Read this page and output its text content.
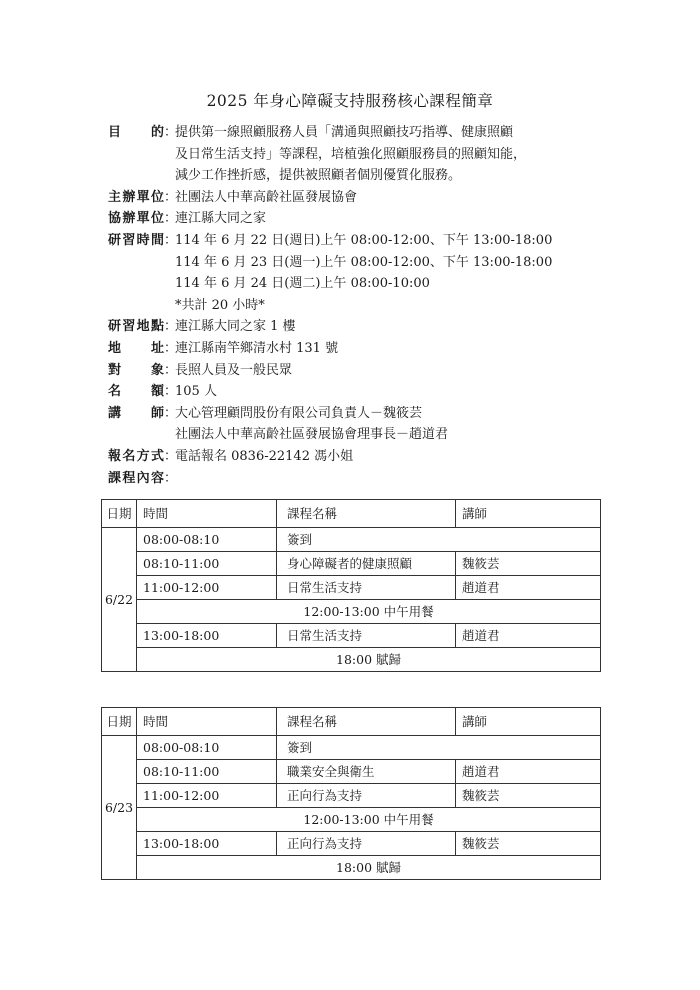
2025 年身心障礙支持服務核心課程簡章
目 的 ：
提供第一線照顧服務人員「溝通與照顧技巧指導、健康照顧
及日常生活支持」等課程，培植強化照顧服務員的照顧知能，
減少工作挫折感，提供被照顧者個別優質化服務。
主 辦 單 位 ：
社團法人中華高齡社區發展協會
協 辦 單 位 ：
連江縣大同之家
研 習 時 間 ：
114 年 6 月 22 日(週日)上午 08:00-12:00、下午 13:00-18:00
114 年 6 月 23 日(週一)上午 08:00-12:00、下午 13:00-18:00
114 年 6 月 24 日(週二)上午 08:00-10:00
*共計 20 小時*
研 習 地 點 ：
連江縣大同之家 1 樓
地 址 ：
連江縣南竿鄉清水村 131 號
對 象 ：
長照人員及一般民眾
名 額 ：
105 人
講 師 ：
大心管理顧問股份有限公司負責人－魏筱芸
社團法人中華高齡社區發展協會理事長－趙道君
報 名 方 式 ：
電話報名 0836-22142 馮小姐
課 程 內 容 ：
日期	時間	課程名稱	講師
6/22	08:00-08:10	簽到	
	08:10-11:00	身心障礙者的健康照顧	魏筱芸
	11:00-12:00	日常生活支持	趙道君
	12:00-13:00 中午用餐		
	13:00-18:00	日常生活支持	趙道君
	18:00 賦歸		
日期	時間	課程名稱	講師
6/23	08:00-08:10	簽到	
	08:10-11:00	職業安全與衛生	趙道君
	11:00-12:00	正向行為支持	魏筱芸
	12:00-13:00 中午用餐		
	13:00-18:00	正向行為支持	魏筱芸
	18:00 賦歸		
